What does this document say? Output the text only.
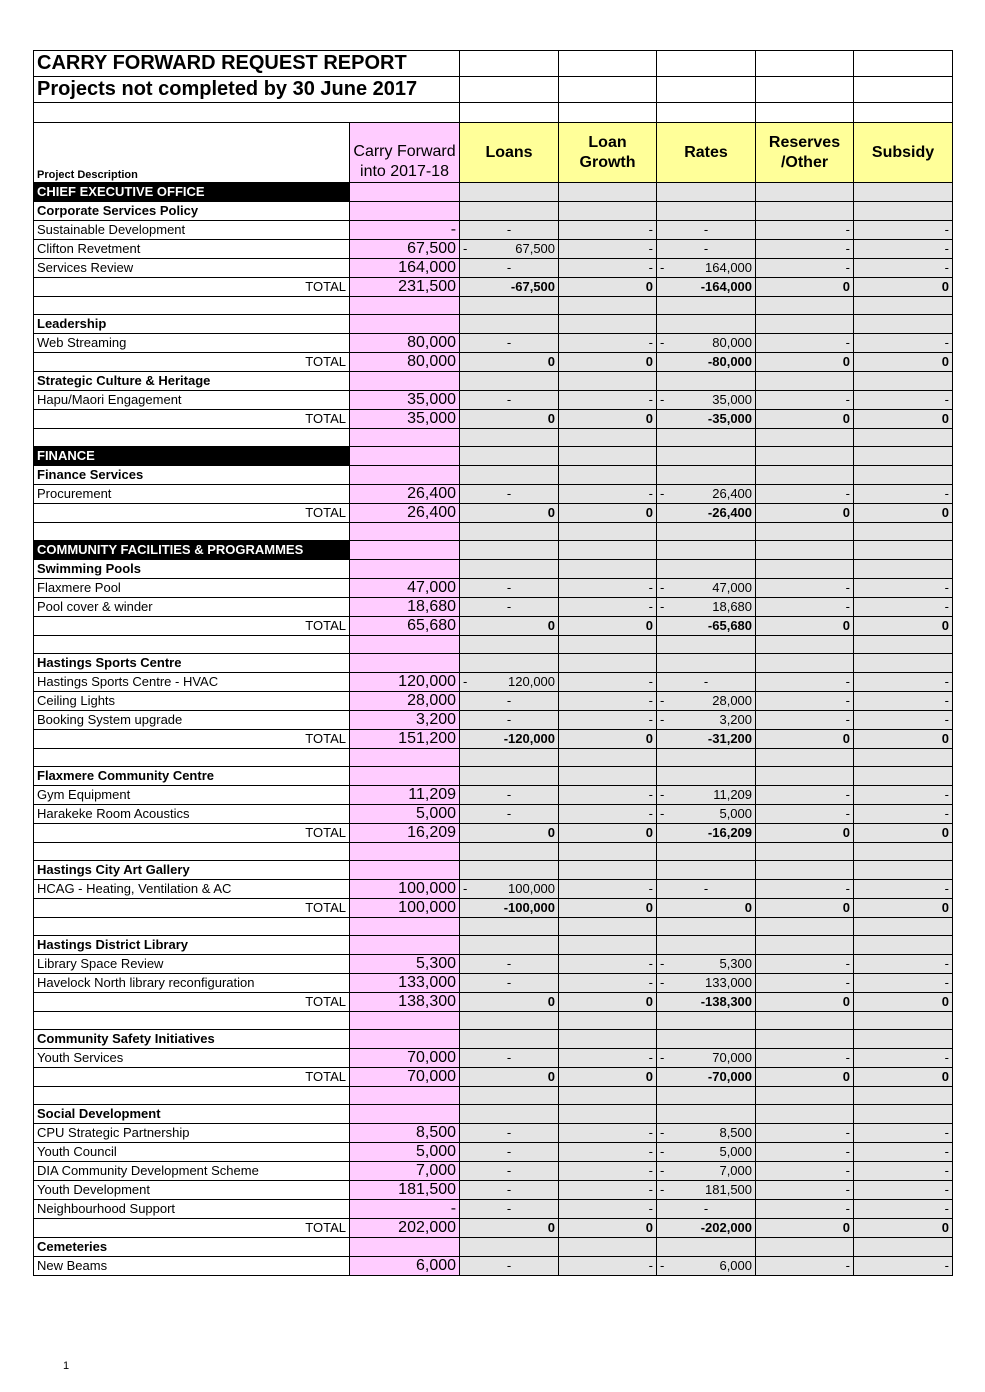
CARRY FORWARD REQUEST REPORT						
Projects not completed by 30 June 2017						

Project Description	Carry Forward into 2017-18	Loans	Loan Growth	Rates	Reserves /Other	Subsidy
CHIEF EXECUTIVE OFFICE						
Corporate Services Policy						
Sustainable Development	-	-	-	-	-	-
Clifton Revetment	67,500	- 67,500	-	-	-	-
Services Review	164,000	-	-	- 164,000	-	-
TOTAL	231,500	-67,500	0	-164,000	0	0

Leadership						
Web Streaming	80,000	-	-	- 80,000	-	-
TOTAL	80,000	0	0	-80,000	0	0
Strategic Culture & Heritage						
Hapu/Maori Engagement	35,000	-	-	- 35,000	-	-
TOTAL	35,000	0	0	-35,000	0	0

FINANCE						
Finance Services						
Procurement	26,400	-	-	- 26,400	-	-
TOTAL	26,400	0	0	-26,400	0	0

COMMUNITY FACILITIES & PROGRAMMES						
Swimming Pools						
Flaxmere Pool	47,000	-	-	- 47,000	-	-
Pool cover & winder	18,680	-	-	- 18,680	-	-
TOTAL	65,680	0	0	-65,680	0	0

Hastings Sports Centre						
Hastings Sports Centre - HVAC	120,000	- 120,000	-	-	-	-
Ceiling Lights	28,000	-	-	- 28,000	-	-
Booking System upgrade	3,200	-	-	- 3,200	-	-
TOTAL	151,200	-120,000	0	-31,200	0	0

Flaxmere Community Centre						
Gym Equipment	11,209	-	-	- 11,209	-	-
Harakeke Room Acoustics	5,000	-	-	- 5,000	-	-
TOTAL	16,209	0	0	-16,209	0	0

Hastings City Art Gallery						
HCAG - Heating, Ventilation & AC	100,000	- 100,000	-	-	-	-
TOTAL	100,000	-100,000	0	0	0	0

Hastings District Library						
Library Space Review	5,300	-	-	- 5,300	-	-
Havelock North library reconfiguration	133,000	-	-	- 133,000	-	-
TOTAL	138,300	0	0	-138,300	0	0

Community Safety Initiatives						
Youth Services	70,000	-	-	- 70,000	-	-
TOTAL	70,000	0	0	-70,000	0	0

Social Development						
CPU Strategic Partnership	8,500	-	-	- 8,500	-	-
Youth Council	5,000	-	-	- 5,000	-	-
DIA Community Development Scheme	7,000	-	-	- 7,000	-	-
Youth Development	181,500	-	-	- 181,500	-	-
Neighbourhood Support	-	-	-	-	-	-
TOTAL	202,000	0	0	-202,000	0	0
Cemeteries						
New Beams	6,000	-	-	- 6,000	-	-
1
